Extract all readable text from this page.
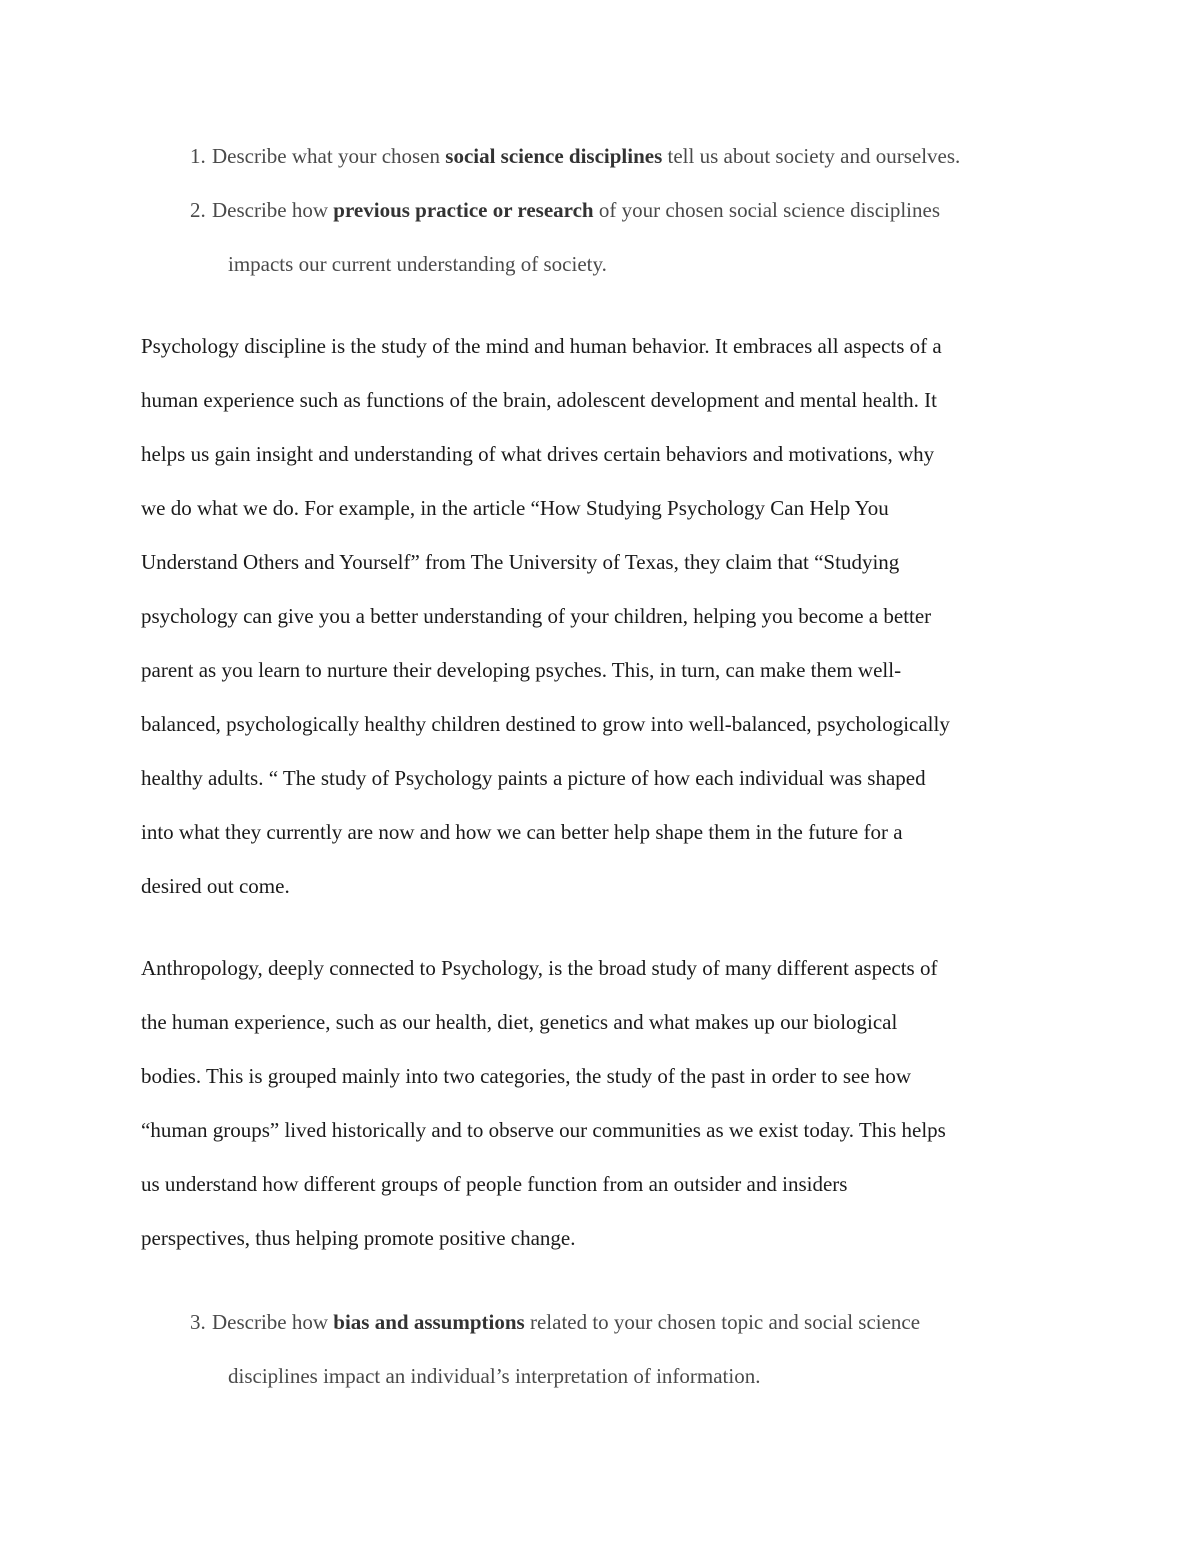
1. Describe what your chosen social science disciplines tell us about society and ourselves.
2. Describe how previous practice or research of your chosen social science disciplines
impacts our current understanding of society.

Psychology discipline is the study of the mind and human behavior. It embraces all aspects of a
human experience such as functions of the brain, adolescent development and mental health. It
helps us gain insight and understanding of what drives certain behaviors and motivations, why
we do what we do. For example, in the article “How Studying Psychology Can Help You
Understand Others and Yourself” from The University of Texas, they claim that “Studying
psychology can give you a better understanding of your children, helping you become a better
parent as you learn to nurture their developing psyches. This, in turn, can make them well-
balanced, psychologically healthy children destined to grow into well-balanced, psychologically
healthy adults. “ The study of Psychology paints a picture of how each individual was shaped
into what they currently are now and how we can better help shape them in the future for a
desired out come.

Anthropology, deeply connected to Psychology, is the broad study of many different aspects of
the human experience, such as our health, diet, genetics and what makes up our biological
bodies. This is grouped mainly into two categories, the study of the past in order to see how
“human groups” lived historically and to observe our communities as we exist today. This helps
us understand how different groups of people function from an outsider and insiders
perspectives, thus helping promote positive change.

3. Describe how bias and assumptions related to your chosen topic and social science
disciplines impact an individual’s interpretation of information.
